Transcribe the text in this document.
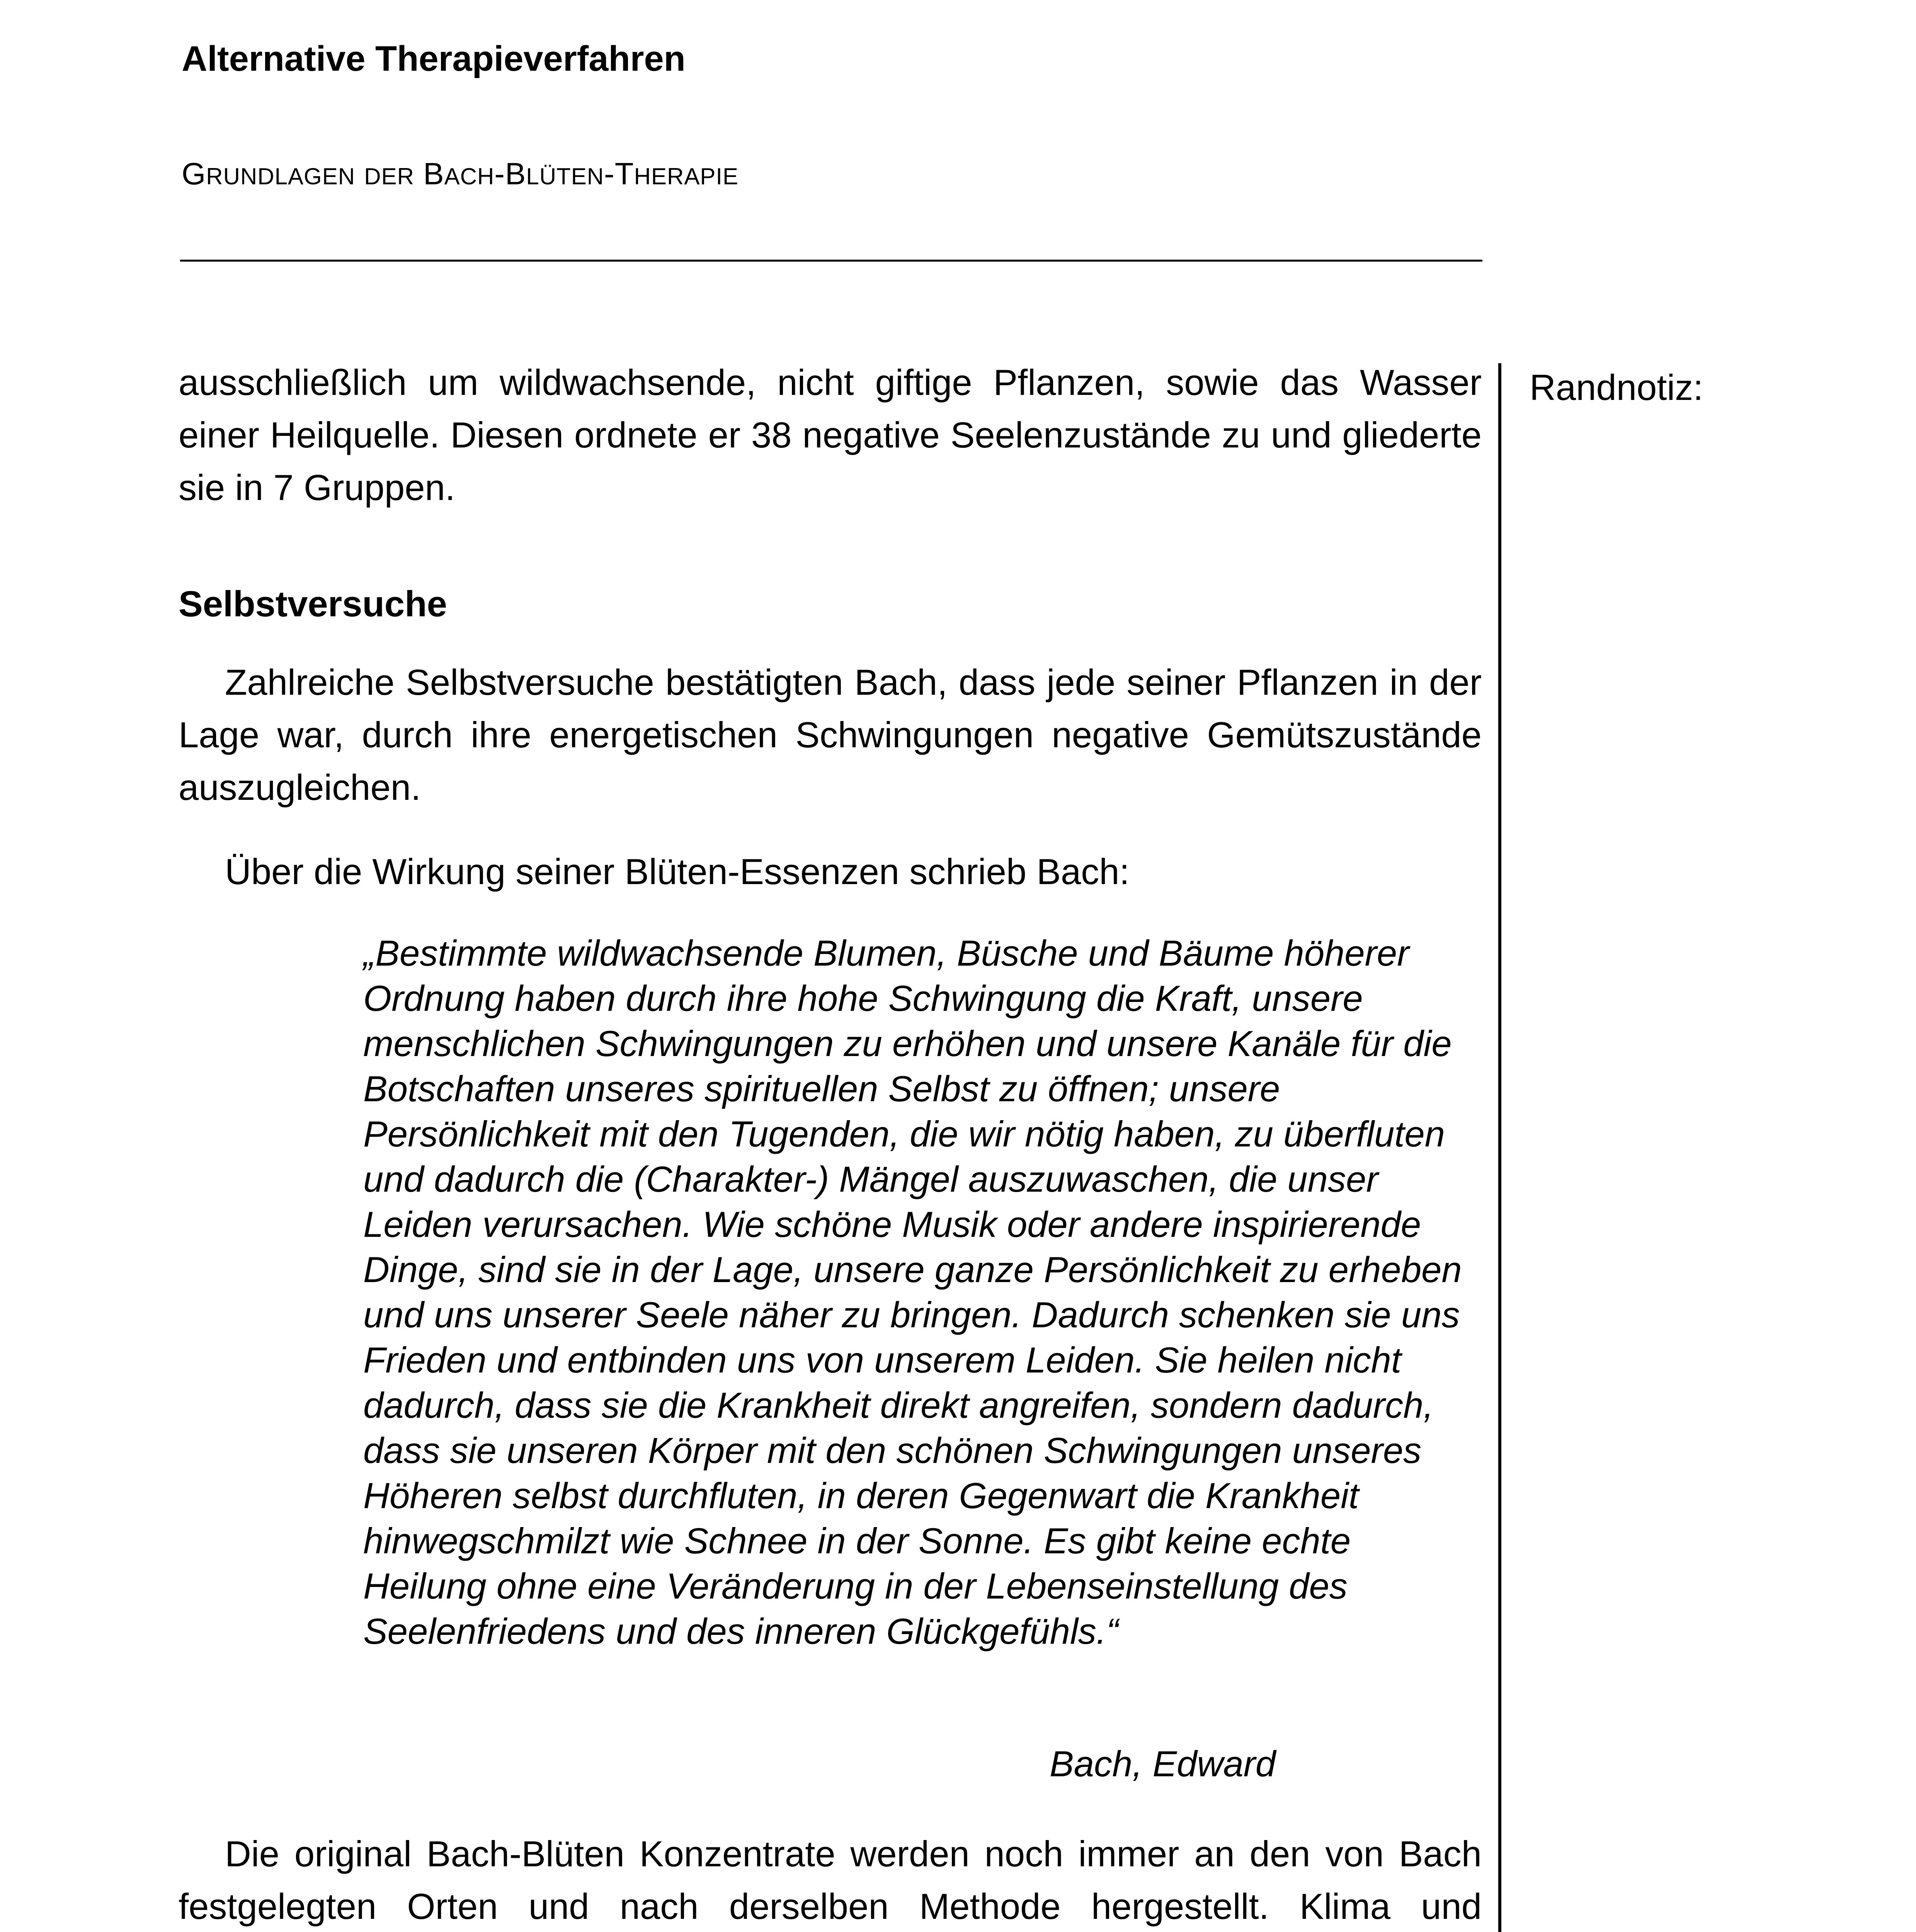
Alternative Therapieverfahren
GRUNDLAGEN DER BACH-BLÜTEN-THERAPIE
Randnotiz:

ausschließlich um wildwachsende, nicht giftige Pflanzen, sowie das Wasser einer Heilquelle. Diesen ordnete er 38 negative Seelenzustände zu und gliederte sie in 7 Gruppen.

Selbstversuche

Zahlreiche Selbstversuche bestätigten Bach, dass jede seiner Pflanzen in der Lage war, durch ihre energetischen Schwingungen negative Gemütszustände auszugleichen.

Über die Wirkung seiner Blüten-Essenzen schrieb Bach:

„Bestimmte wildwachsende Blumen, Büsche und Bäume höherer Ordnung haben durch ihre hohe Schwingung die Kraft, unsere menschlichen Schwingungen zu erhöhen und unsere Kanäle für die Botschaften unseres spirituellen Selbst zu öffnen; unsere Persönlichkeit mit den Tugenden, die wir nötig haben, zu überfluten und dadurch die (Charakter-) Mängel auszuwaschen, die unser Leiden verursachen. Wie schöne Musik oder andere inspirierende Dinge, sind sie in der Lage, unsere ganze Persönlichkeit zu erheben und uns unserer Seele näher zu bringen. Dadurch schenken sie uns Frieden und entbinden uns von unserem Leiden. Sie heilen nicht dadurch, dass sie die Krankheit direkt angreifen, sondern dadurch, dass sie unseren Körper mit den schönen Schwingungen unseres Höheren selbst durchfluten, in deren Gegenwart die Krankheit hinwegschmilzt wie Schnee in der Sonne. Es gibt keine echte Heilung ohne eine Veränderung in der Lebenseinstellung des Seelenfriedens und des inneren Glückgefühls.“
Bach, Edward

Die original Bach-Blüten Konzentrate werden noch immer an den von Bach festgelegten Orten und nach derselben Methode hergestellt. Klima und
